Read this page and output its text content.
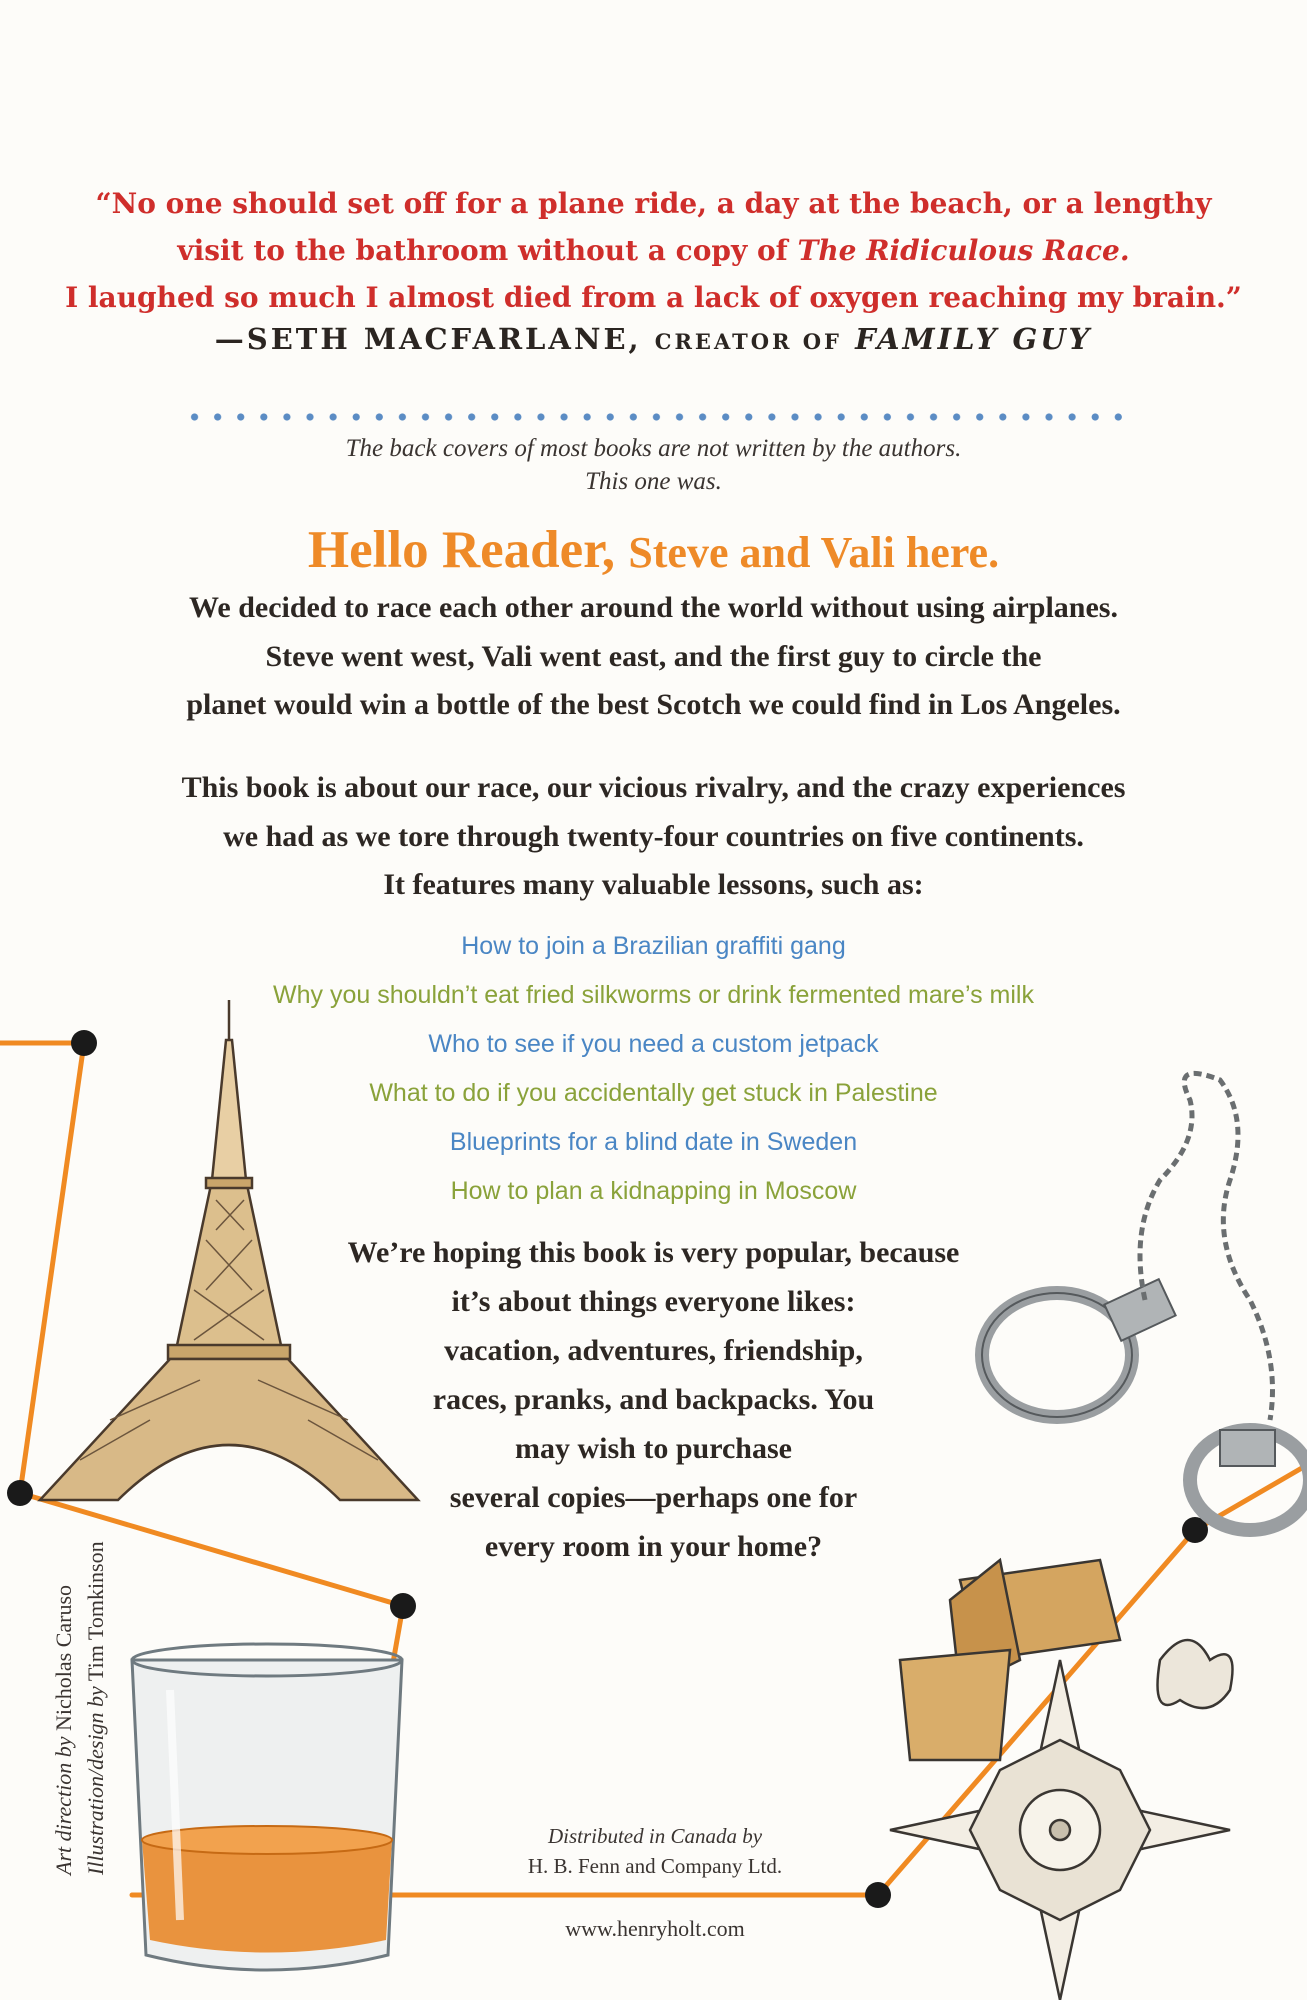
“No one should set off for a plane ride, a day at the beach, or a lengthy
visit to the bathroom without a copy of The Ridiculous Race.
I laughed so much I almost died from a lack of oxygen reaching my brain.”
—SETH MACFARLANE, CREATOR OF FAMILY GUY
The back covers of most books are not written by the authors.
This one was.
Hello Reader, Steve and Vali here.
We decided to race each other around the world without using airplanes.
Steve went west, Vali went east, and the first guy to circle the
planet would win a bottle of the best Scotch we could find in Los Angeles.
This book is about our race, our vicious rivalry, and the crazy experiences
we had as we tore through twenty-four countries on five continents.
It features many valuable lessons, such as:
How to join a Brazilian graffiti gang
Why you shouldn’t eat fried silkworms or drink fermented mare’s milk
Who to see if you need a custom jetpack
What to do if you accidentally get stuck in Palestine
Blueprints for a blind date in Sweden
How to plan a kidnapping in Moscow
We’re hoping this book is very popular, because
it’s about things everyone likes:
vacation, adventures, friendship,
races, pranks, and backpacks. You
may wish to purchase
several copies—perhaps one for
every room in your home?
Art direction by Nicholas Caruso
Illustration/design by Tim Tomkinson
Distributed in Canada by
H. B. Fenn and Company Ltd.
www.henryholt.com
